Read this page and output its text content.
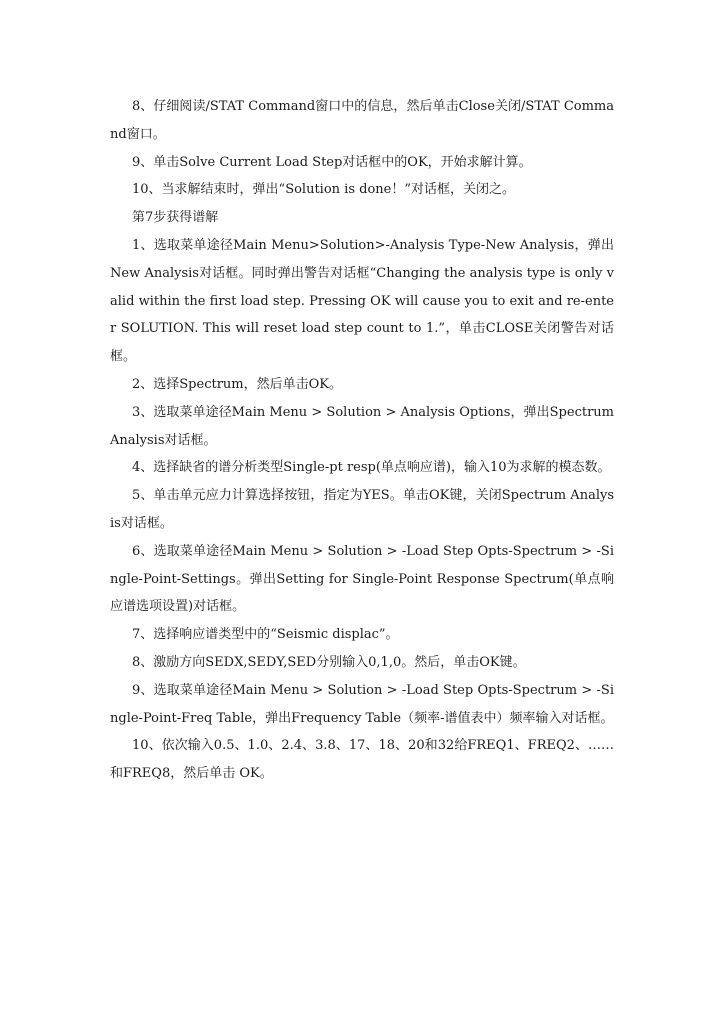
8、仔细阅读/STAT Command窗口中的信息，然后单击Close关闭/STAT Command窗口。

9、单击Solve Current Load Step对话框中的OK，开始求解计算。

10、当求解结束时，弹出“Solution is done！”对话框，关闭之。

第7步获得谱解

1、选取菜单途径Main Menu>Solution>-Analysis Type-New Analysis，弹出New Analysis对话框。同时弹出警告对话框“Changing the analysis type is only valid within the first load step. Pressing OK will cause you to exit and re-enter SOLUTION. This will reset load step count to 1.”，单击CLOSE关闭警告对话框。

2、选择Spectrum，然后单击OK。

3、选取菜单途径Main Menu > Solution > Analysis Options，弹出Spectrum Analysis对话框。

4、选择缺省的谱分析类型Single-pt resp(单点响应谱)，输入10为求解的模态数。

5、单击单元应力计算选择按钮，指定为YES。单击OK键，关闭Spectrum Analysis对话框。

6、选取菜单途径Main Menu > Solution > -Load Step Opts-Spectrum > -Single-Point-Settings。弹出Setting for Single-Point Response Spectrum(单点响应谱选项设置)对话框。

7、选择响应谱类型中的“Seismic displac”。

8、激励方向SEDX,SEDY,SED分别输入0,1,0。然后，单击OK键。

9、选取菜单途径Main Menu > Solution > -Load Step Opts-Spectrum > -Single-Point-Freq Table，弹出Frequency Table（频率-谱值表中）频率输入对话框。

10、依次输入0.5、1.0、2.4、3.8、17、18、20和32给FREQ1、FREQ2、……和FREQ8，然后单击 OK。
